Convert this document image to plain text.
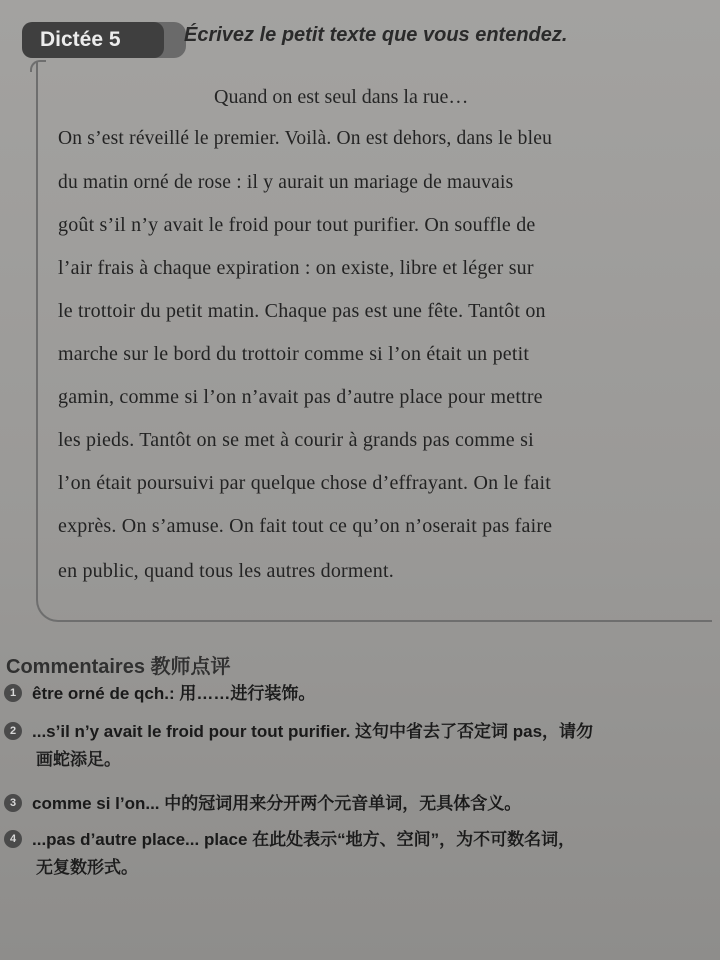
Dictée 5	Écrivez le petit texte que vous entendez.
Quand on est seul dans la rue…
On s’est réveillé le premier. Voilà. On est dehors, dans le bleu
du matin orné de rose : il y aurait un mariage de mauvais
goût s’il n’y avait le froid pour tout purifier. On souffle de
l’air frais à chaque expiration : on existe, libre et léger sur
le trottoir du petit matin. Chaque pas est une fête. Tantôt on
marche sur le bord du trottoir comme si l’on était un petit
gamin, comme si l’on n’avait pas d’autre place pour mettre
les pieds. Tantôt on se met à courir à grands pas comme si
l’on était poursuivi par quelque chose d’effrayant. On le fait
exprès. On s’amuse. On fait tout ce qu’on n’oserait pas faire
en public, quand tous les autres dorment.
Commentaires 教师点评
1 être orné de qch.: 用……进行装饰。
2 ...s’il n’y avait le froid pour tout purifier. 这句中省去了否定词 pas，请勿
画蛇添足。
3 comme si l’on... 中的冠词用来分开两个元音单词，无具体含义。
4 ...pas d’autre place... place 在此处表示“地方、空间”，为不可数名词，
无复数形式。
